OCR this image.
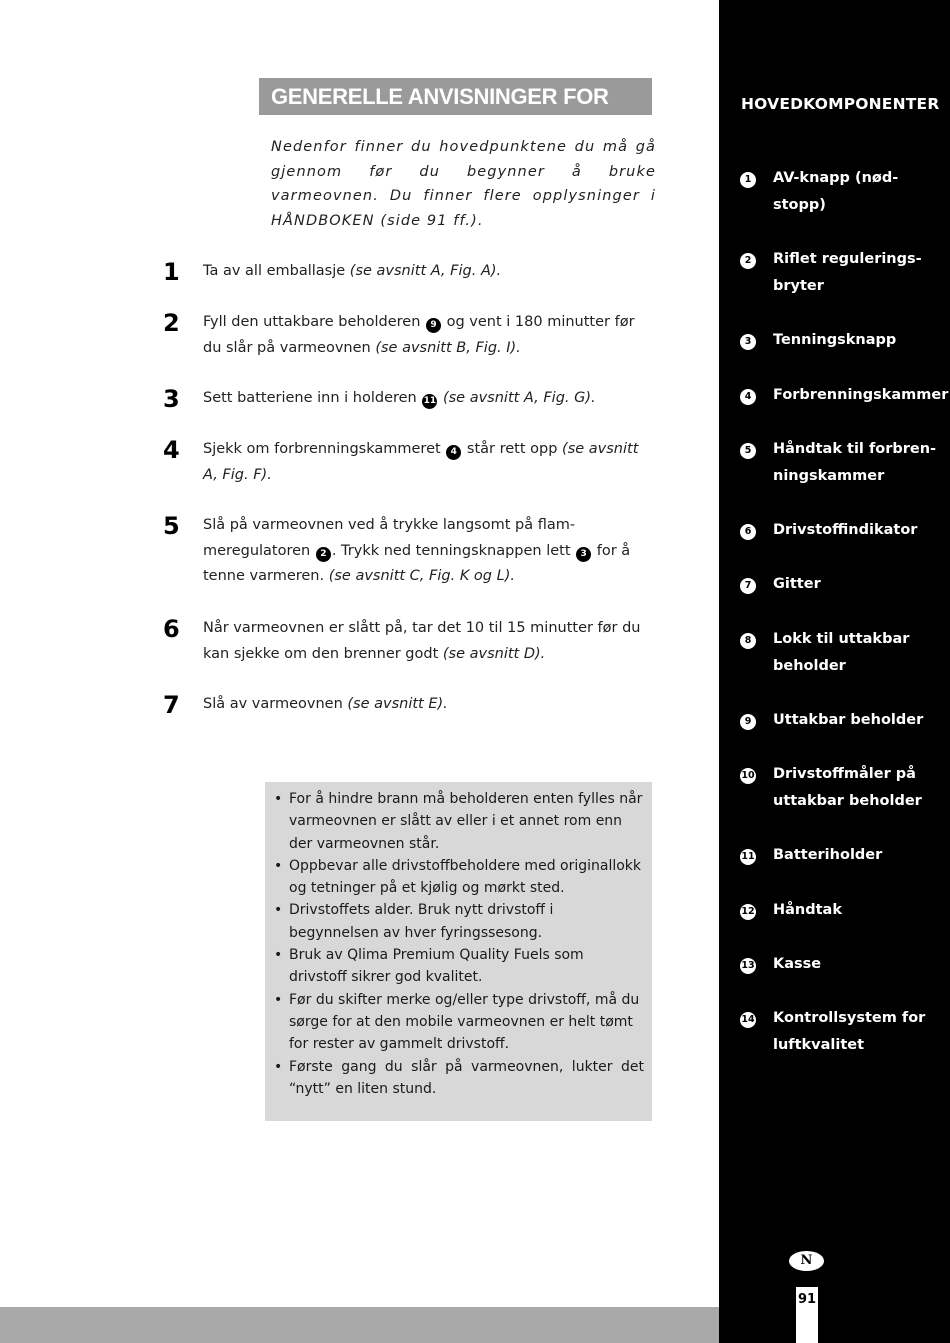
GENERELLE ANVISNINGER FOR BRUK
Nedenfor finner du hovedpunktene du må gå gjennom før du begynner å bruke varmeovnen. Du finner flere opplysninger i HÅNDBOKEN (side 91 ff.).
1 Ta av all emballasje (se avsnitt A, Fig. A).
2 Fyll den uttakbare beholderen 9 og vent i 180 minutter før du slår på varmeovnen (se avsnitt B, Fig. I).
3 Sett batteriene inn i holderen 11 (se avsnitt A, Fig. G).
4 Sjekk om forbrenningskammeret 4 står rett opp (se avsnitt A, Fig. F).
5 Slå på varmeovnen ved å trykke langsomt på flam-meregulatoren 2 . Trykk ned tenningsknappen lett 3 for å tenne varmeren. (se avsnitt C, Fig. K og L).
6 Når varmeovnen er slått på, tar det 10 til 15 minutter før du kan sjekke om den brenner godt (se avsnitt D).
7 Slå av varmeovnen (se avsnitt E).
• For å hindre brann må beholderen enten fylles når varmeovnen er slått av eller i et annet rom enn der varmeovnen står.
• Oppbevar alle drivstoffbeholdere med originallokk og tetninger på et kjølig og mørkt sted.
• Drivstoffets alder. Bruk nytt drivstoff i begynnelsen av hver fyringssesong.
• Bruk av Qlima Premium Quality Fuels som drivstoff sikrer god kvalitet.
• Før du skifter merke og/eller type drivstoff, må du sørge for at den mobile varmeovnen er helt tømt for rester av gammelt drivstoff.
• Første gang du slår på varmeovnen, lukter det “nytt” en liten stund.
HOVEDKOMPONENTER
1	AV-knapp (nød-stopp)
2	Riflet regulerings-bryter
3	Tenningsknapp
4	Forbrenningskammer
5	Håndtak til forbren-ningskammer
6	Drivstoffindikator
7	Gitter
8	Lokk til uttakbar beholder
9	Uttakbar beholder
10 Drivstoffmåler på uttakbar beholder
11 Batteriholder
12 Håndtak
13 Kasse
14 Kontrollsystem for luftkvalitet
N
91
